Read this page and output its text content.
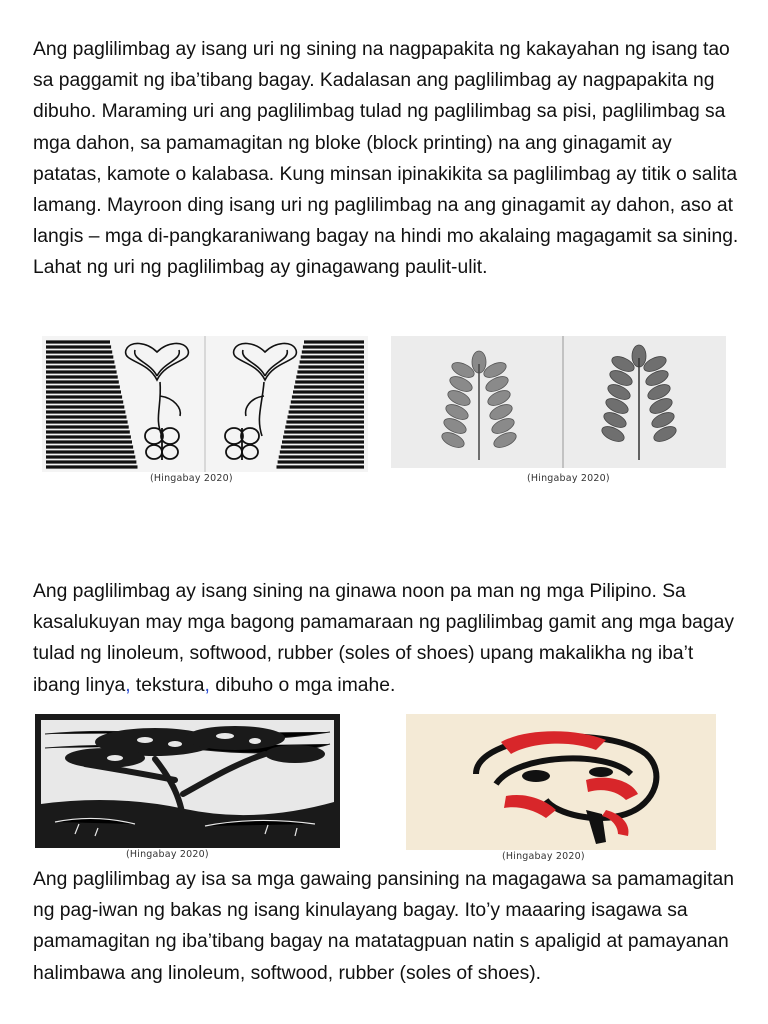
Ang paglilimbag ay isang uri ng sining na nagpapakita ng kakayahan ng isang tao sa paggamit ng iba’tibang bagay. Kadalasan ang paglilimbag ay nagpapakita ng dibuho. Maraming uri ang paglilimbag tulad ng paglilimbag sa pisi, paglilimbag sa mga dahon, sa pamamagitan ng bloke (block printing) na ang ginagamit ay patatas, kamote o kalabasa. Kung minsan ipinakikita sa paglilimbag ay titik o salita lamang. Mayroon ding isang uri ng paglilimbag na ang ginagamit ay dahon, aso at langis – mga di-pangkaraniwang bagay na hindi mo akalaing magagamit sa sining. Lahat ng uri ng paglilimbag ay ginagawang paulit-ulit.

(Hingabay 2020)	(Hingabay 2020)

Ang paglilimbag ay isang sining na ginawa noon pa man ng mga Pilipino. Sa kasalukuyan may mga bagong pamamaraan ng paglilimbag gamit ang mga bagay tulad ng linoleum, softwood, rubber (soles of shoes) upang makalikha ng iba’t ibang linya, tekstura, dibuho o mga imahe.

(Hingabay 2020)	(Hingabay 2020)

Ang paglilimbag ay isa sa mga gawaing pansining na magagawa sa pamamagitan ng pag-iwan ng bakas ng isang kinulayang bagay. Ito’y maaaring isagawa sa pamamagitan ng iba’tibang bagay na matatagpuan natin s apaligid at pamayanan halimbawa ang linoleum, softwood, rubber (soles of shoes).
